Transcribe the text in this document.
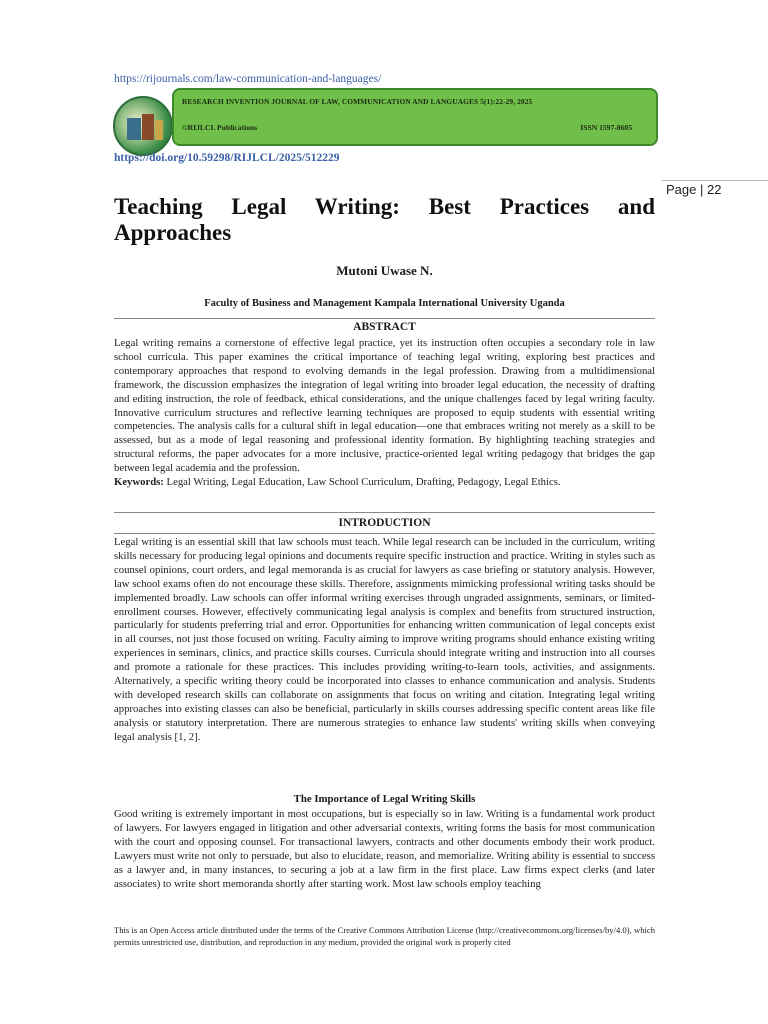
https://rijournals.com/law-communication-and-languages/
RESEARCH INVENTION JOURNAL OF LAW, COMMUNICATION AND LANGUAGES 5(1):22-29, 2025
©RIJLCL Publications	ISSN 1597-8605
https://doi.org/10.59298/RIJLCL/2025/512229
Page | 22
Teaching Legal Writing: Best Practices and Approaches
Mutoni Uwase N.
Faculty of Business and Management Kampala International University Uganda
ABSTRACT

Legal writing remains a cornerstone of effective legal practice, yet its instruction often occupies a secondary role in law school curricula. This paper examines the critical importance of teaching legal writing, exploring best practices and contemporary approaches that respond to evolving demands in the legal profession. Drawing from a multidimensional framework, the discussion emphasizes the integration of legal writing into broader legal education, the necessity of drafting and editing instruction, the role of feedback, ethical considerations, and the unique challenges faced by legal writing faculty. Innovative curriculum structures and reflective learning techniques are proposed to equip students with essential writing competencies. The analysis calls for a cultural shift in legal education—one that embraces writing not merely as a skill to be assessed, but as a mode of legal reasoning and professional identity formation. By highlighting teaching strategies and structural reforms, the paper advocates for a more inclusive, practice-oriented legal writing pedagogy that bridges the gap between legal academia and the profession.
Keywords: Legal Writing, Legal Education, Law School Curriculum, Drafting, Pedagogy, Legal Ethics.

INTRODUCTION

Legal writing is an essential skill that law schools must teach. While legal research can be included in the curriculum, writing skills necessary for producing legal opinions and documents require specific instruction and practice. Writing in styles such as counsel opinions, court orders, and legal memoranda is as crucial for lawyers as case briefing or statutory analysis. However, law school exams often do not encourage these skills. Therefore, assignments mimicking professional writing tasks should be implemented broadly. Law schools can offer informal writing exercises through ungraded assignments, seminars, or limited-enrollment courses. However, effectively communicating legal analysis is complex and benefits from structured instruction, particularly for students preferring trial and error. Opportunities for enhancing written communication of legal concepts exist in all courses, not just those focused on writing. Faculty aiming to improve writing programs should enhance existing writing experiences in seminars, clinics, and practice skills courses. Curricula should integrate writing and instruction into all courses and promote a rationale for these practices. This includes providing writing-to-learn tools, activities, and assignments. Alternatively, a specific writing theory could be incorporated into classes to enhance communication and analysis. Students with developed research skills can collaborate on assignments that focus on writing and citation. Integrating legal writing approaches into existing classes can also be beneficial, particularly in skills courses addressing specific content areas like file analysis or statutory interpretation. There are numerous strategies to enhance law students' writing skills when conveying legal analysis [1, 2].

The Importance of Legal Writing Skills

Good writing is extremely important in most occupations, but is especially so in law. Writing is a fundamental work product of lawyers. For lawyers engaged in litigation and other adversarial contexts, writing forms the basis for most communication with the court and opposing counsel. For transactional lawyers, contracts and other documents embody their work product. Lawyers must write not only to persuade, but also to elucidate, reason, and memorialize. Writing ability is essential to success as a lawyer and, in many instances, to securing a job at a law firm in the first place. Law firms expect clerks (and later associates) to write short memoranda shortly after starting work. Most law schools employ teaching

This is an Open Access article distributed under the terms of the Creative Commons Attribution License (http://creativecommons.org/licenses/by/4.0), which permits unrestricted use, distribution, and reproduction in any medium, provided the original work is properly cited
